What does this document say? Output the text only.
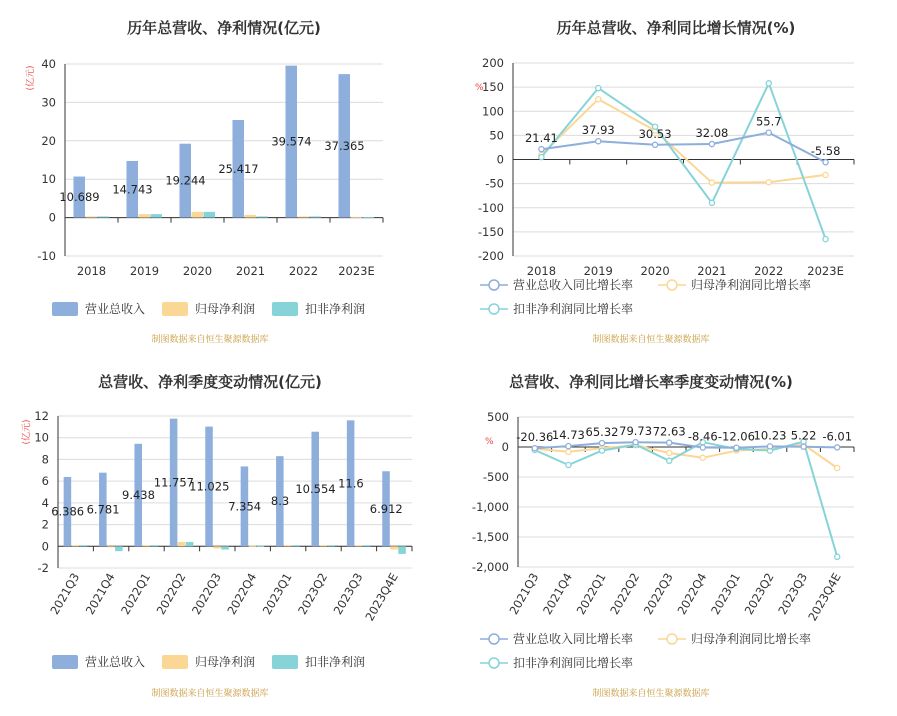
历年总营收、净利情况(亿元)
(亿元)
-10
0
10
20
30
40
2018 2019 2020 2021 2022 2023E
10.689
14.743
19.244
25.417
39.574 37.365
营业总收入	归母净利润	扣非净利润
制图数据来自恒生聚源数据库
历年总营收、净利同比增长情况(%)
%
-200
-150
-100
-50
0
50
100
150
200
2018 2019 2020 2021 2022 2023E
21.41
37.93 30.53 32.08
55.7
-5.58
营业总收入同比增长率	归母净利润同比增长率
扣非净利润同比增长率
制图数据来自恒生聚源数据库
总营收、净利季度变动情况(亿元)
(亿元)
-2
0
2
4
6
8
10
12
2021Q3 2021Q4 2022Q1 2022Q2 2022Q3 2022Q4 2023Q1 2023Q2 2023Q3
2023Q4E
6.386 6.781
9.438
11.757
11.025
7.354 8.3
10.554 11.6
6.912
营业总收入	归母净利润	扣非净利润
制图数据来自恒生聚源数据库
总营收、净利同比增长率季度变动情况(%)
%
-2,000
-1,500
-1,000
-500
0
500
2021Q3
2021Q4
2022Q1
2022Q2
2022Q3
2022Q4
2023Q1
2023Q2
2023Q3
2023Q4E
-20.36
14.73 65.32 79.73 72.63 -8.46 -12.06
10.23 5.22 -6.01
营业总收入同比增长率	归母净利润同比增长率
扣非净利润同比增长率
制图数据来自恒生聚源数据库
